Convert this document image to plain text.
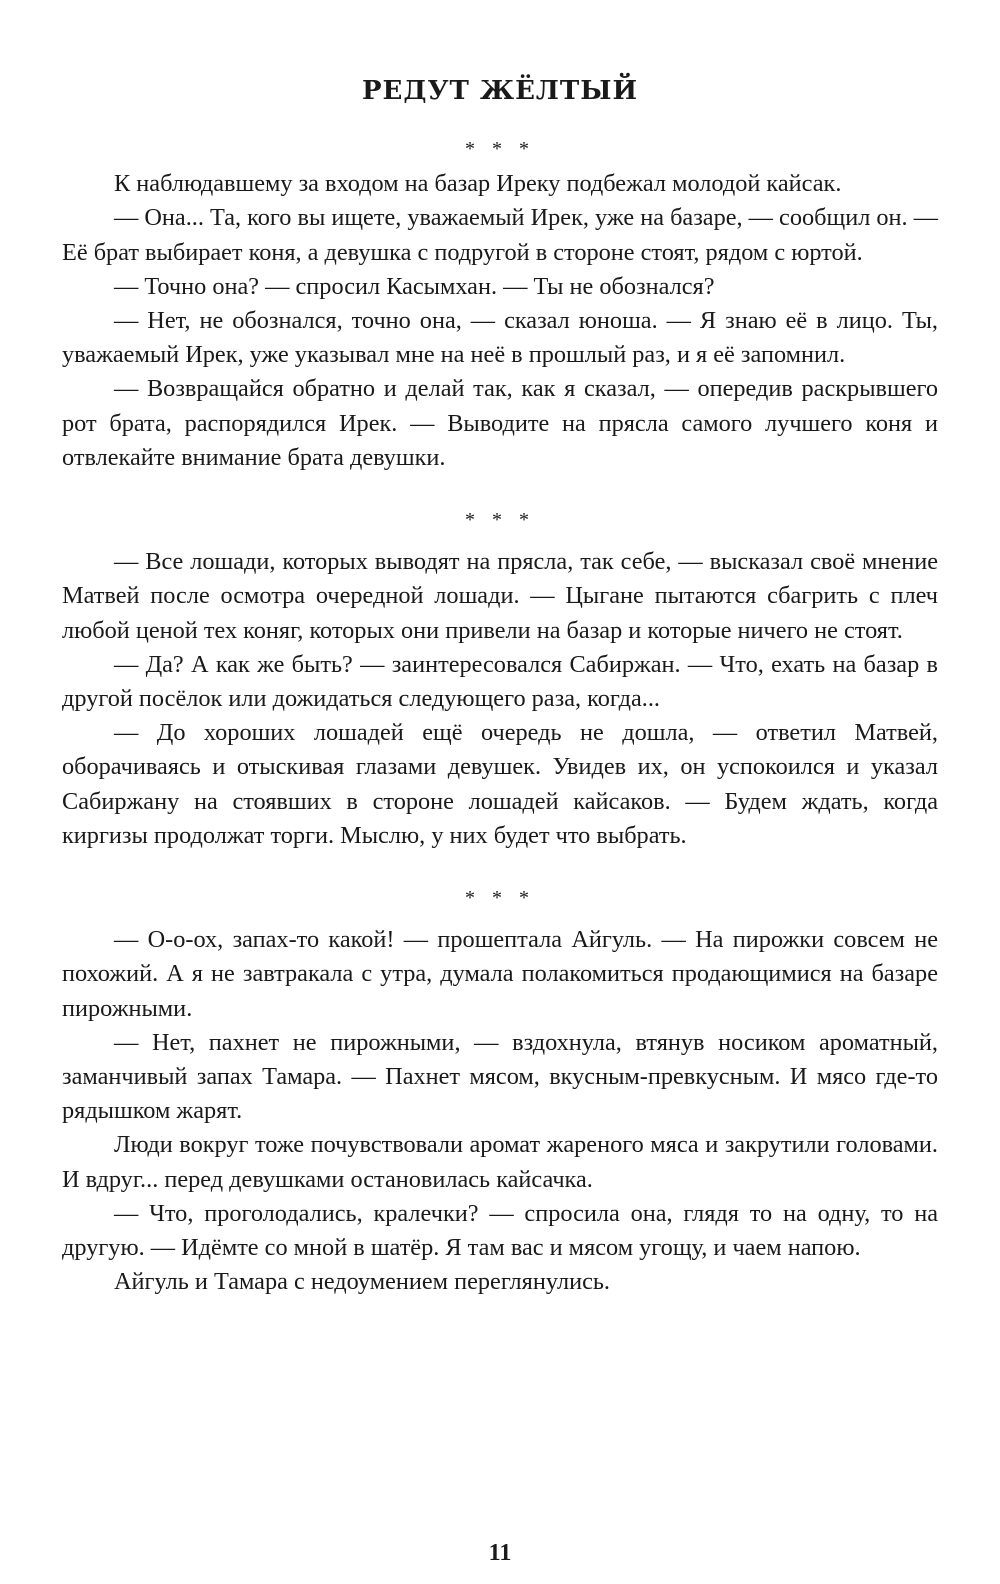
РЕДУТ ЖЁЛТЫЙ
* * *

К наблюдавшему за входом на базар Иреку подбежал молодой кайсак.

— Она... Та, кого вы ищете, уважаемый Ирек, уже на базаре, — сообщил он. — Её брат выбирает коня, а девушка с подругой в стороне стоят, рядом с юртой.

— Точно она? — спросил Касымхан. — Ты не обознался?

— Нет, не обознался, точно она, — сказал юноша. — Я знаю её в лицо. Ты, уважаемый Ирек, уже указывал мне на неё в прошлый раз, и я её запомнил.

— Возвращайся обратно и делай так, как я сказал, — опередив раскрывшего рот брата, распорядился Ирек. — Выводите на прясла самого лучшего коня и отвлекайте внимание брата девушки.

* * *

— Все лошади, которых выводят на прясла, так себе, — высказал своё мнение Матвей после осмотра очередной лошади. — Цыгане пытаются сбагрить с плеч любой ценой тех коняг, которых они привели на базар и которые ничего не стоят.

— Да? А как же быть? — заинтересовался Сабиржан. — Что, ехать на базар в другой посёлок или дожидаться следующего раза, когда...

— До хороших лошадей ещё очередь не дошла, — ответил Матвей, оборачиваясь и отыскивая глазами девушек. Увидев их, он успокоился и указал Сабиржану на стоявших в стороне лошадей кайсаков. — Будем ждать, когда киргизы продолжат торги. Мыслю, у них будет что выбрать.

* * *

— О-о-ох, запах-то какой! — прошептала Айгуль. — На пирожки совсем не похожий. А я не завтракала с утра, думала полакомиться продающимися на базаре пирожными.

— Нет, пахнет не пирожными, — вздохнула, втянув носиком ароматный, заманчивый запах Тамара. — Пахнет мясом, вкусным-превкусным. И мясо где-то рядышком жарят.

Люди вокруг тоже почувствовали аромат жареного мяса и закрутили головами. И вдруг... перед девушками остановилась кайсачка.

— Что, проголодались, кралечки? — спросила она, глядя то на одну, то на другую. — Идёмте со мной в шатёр. Я там вас и мясом угощу, и чаем напою.

Айгуль и Тамара с недоумением переглянулись.

11
